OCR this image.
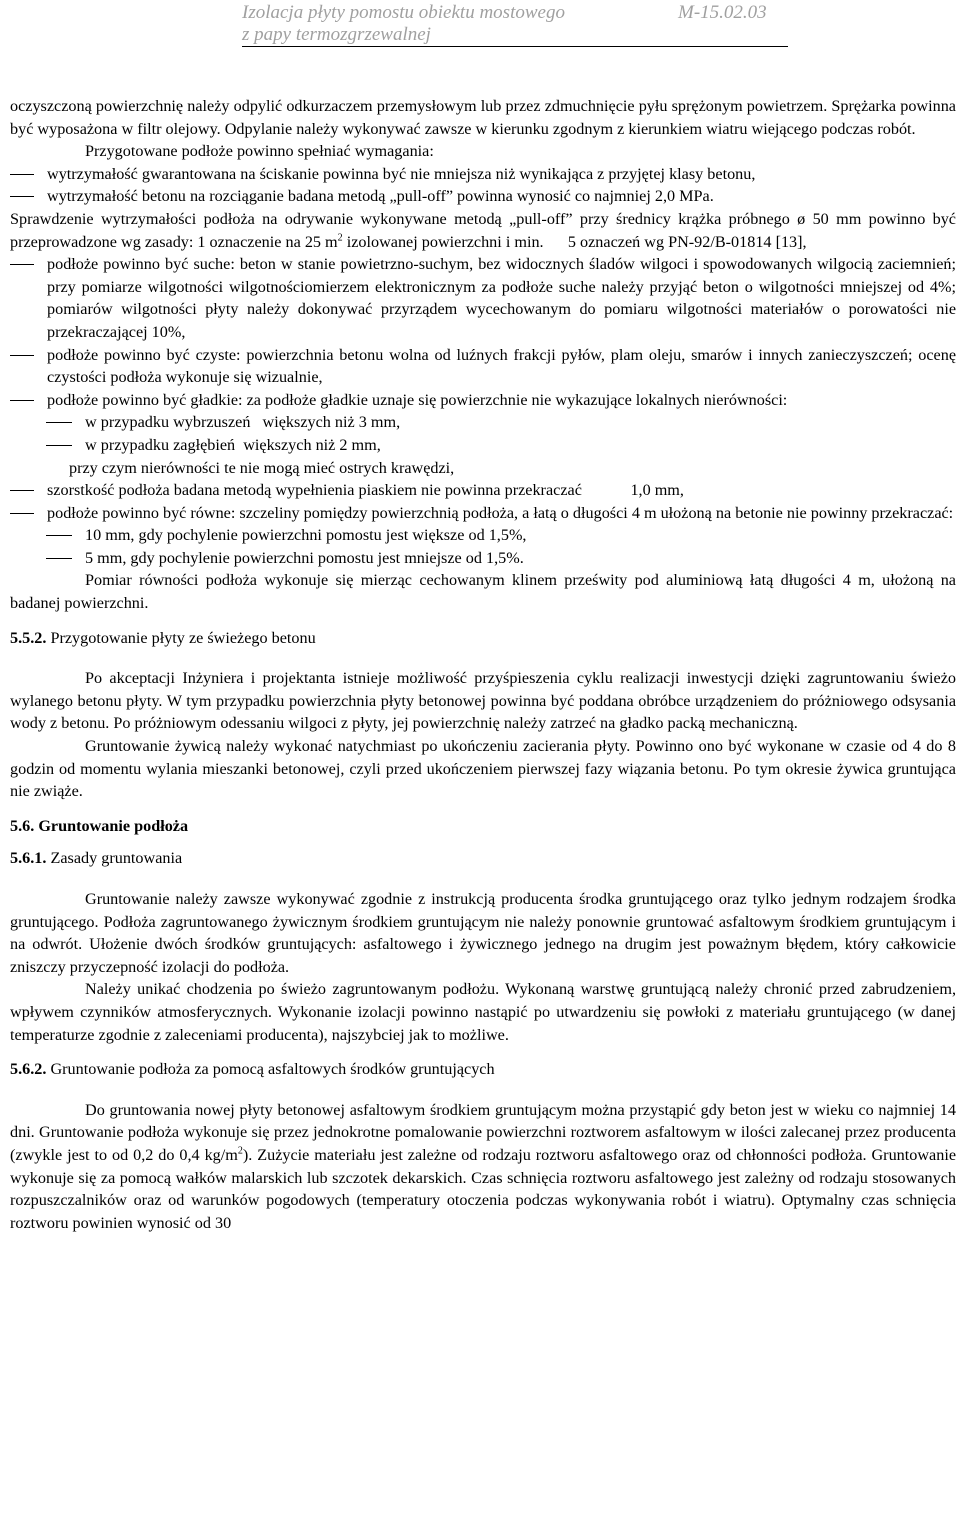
Izolacja płyty pomostu obiektu mostowego
z papy termozgrzewalnej
M-15.02.03

oczyszczoną powierzchnię należy odpylić odkurzaczem przemysłowym lub przez zdmuchnięcie pyłu sprężonym powietrzem. Sprężarka powinna być wyposażona w filtr olejowy. Odpylanie należy wykonywać zawsze w kierunku zgodnym z kierunkiem wiatru wiejącego podczas robót.

Przygotowane podłoże powinno spełniać wymagania:

wytrzymałość gwarantowana na ściskanie powinna być nie mniejsza niż wynikająca z przyjętej klasy betonu,
wytrzymałość betonu na rozciąganie badana metodą „pull-off” powinna wynosić co najmniej 2,0 MPa.

Sprawdzenie wytrzymałości podłoża na odrywanie wykonywane metodą „pull-off” przy średnicy krążka próbnego ø 50 mm powinno być przeprowadzone wg zasady: 1 oznaczenie na 25 $m^2$ izolowanej powierzchni i min.      5 oznaczeń wg PN-92/B-01814 [13],

podłoże powinno być suche: beton w stanie powietrzno-suchym, bez widocznych śladów wilgoci i spowodowanych wilgocią zaciemnień; przy pomiarze wilgotności wilgotnościomierzem elektronicznym za podłoże suche należy przyjąć beton o wilgotności mniejszej od 4%; pomiarów wilgotności płyty należy dokonywać przyrządem wycechowanym do pomiaru wilgotności materiałów o porowatości nie przekraczającej 10%,
podłoże powinno być czyste: powierzchnia betonu wolna od luźnych frakcji pyłów, plam oleju, smarów i innych zanieczyszczeń; ocenę czystości podłoża wykonuje się wizualnie,
podłoże powinno być gładkie: za podłoże gładkie uznaje się powierzchnie nie wykazujące lokalnych nierówności:
w przypadku wybrzuszeń   większych niż 3 mm,
w przypadku zagłębień  większych niż 2 mm,
przy czym nierówności te nie mogą mieć ostrych krawędzi,
szorstkość podłoża badana metodą wypełnienia piaskiem nie powinna przekraczać            1,0 mm,
podłoże powinno być równe: szczeliny pomiędzy powierzchnią podłoża, a łatą o długości 4 m ułożoną na betonie nie powinny przekraczać:
10 mm, gdy pochylenie powierzchni pomostu jest większe od 1,5%,
5 mm, gdy pochylenie powierzchni pomostu jest mniejsze od 1,5%.

Pomiar równości podłoża wykonuje się mierząc cechowanym klinem prześwity pod aluminiową łatą długości 4 m, ułożoną na badanej powierzchni.

5.5.2. Przygotowanie płyty ze świeżego betonu

Po akceptacji Inżyniera i projektanta istnieje możliwość przyśpieszenia cyklu realizacji inwestycji dzięki zagruntowaniu świeżo wylanego betonu płyty. W tym przypadku powierzchnia płyty betonowej powinna być poddana obróbce urządzeniem do próżniowego odsysania wody z betonu. Po próżniowym odessaniu wilgoci z płyty, jej powierzchnię należy zatrzeć na gładko packą mechaniczną.

Gruntowanie żywicą należy wykonać natychmiast po ukończeniu zacierania płyty. Powinno ono być wykonane w czasie od 4 do 8 godzin od momentu wylania mieszanki betonowej, czyli przed ukończeniem pierwszej fazy wiązania betonu. Po tym okresie żywica gruntująca nie zwiąże.

5.6. Gruntowanie podłoża

5.6.1. Zasady gruntowania

Gruntowanie należy zawsze wykonywać zgodnie z instrukcją producenta środka gruntującego oraz tylko jednym rodzajem środka gruntującego. Podłoża zagruntowanego żywicznym środkiem gruntującym nie należy ponownie gruntować asfaltowym środkiem gruntującym i na odwrót. Ułożenie dwóch środków gruntujących: asfaltowego i żywicznego jednego na drugim jest poważnym błędem, który całkowicie zniszczy przyczepność izolacji do podłoża.

Należy unikać chodzenia po świeżo zagruntowanym podłożu. Wykonaną warstwę gruntującą należy chronić przed zabrudzeniem, wpływem czynników atmosferycznych. Wykonanie izolacji powinno nastąpić po utwardzeniu się powłoki z materiału gruntującego (w danej temperaturze zgodnie z zaleceniami producenta), najszybciej jak to możliwe.

5.6.2. Gruntowanie podłoża za pomocą asfaltowych środków gruntujących

Do gruntowania nowej płyty betonowej asfaltowym środkiem gruntującym można przystąpić gdy beton jest w wieku co najmniej 14 dni. Gruntowanie podłoża wykonuje się przez jednokrotne pomalowanie powierzchni roztworem asfaltowym w ilości zalecanej przez producenta (zwykle jest to od 0,2 do 0,4 $kg/m^2$). Zużycie materiału jest zależne od rodzaju roztworu asfaltowego oraz od chłonności podłoża. Gruntowanie wykonuje się za pomocą wałków malarskich lub szczotek dekarskich. Czas schnięcia roztworu asfaltowego jest zależny od rodzaju stosowanych rozpuszczalników oraz od warunków pogodowych (temperatury otoczenia podczas wykonywania robót i wiatru). Optymalny czas schnięcia roztworu powinien wynosić od 30
